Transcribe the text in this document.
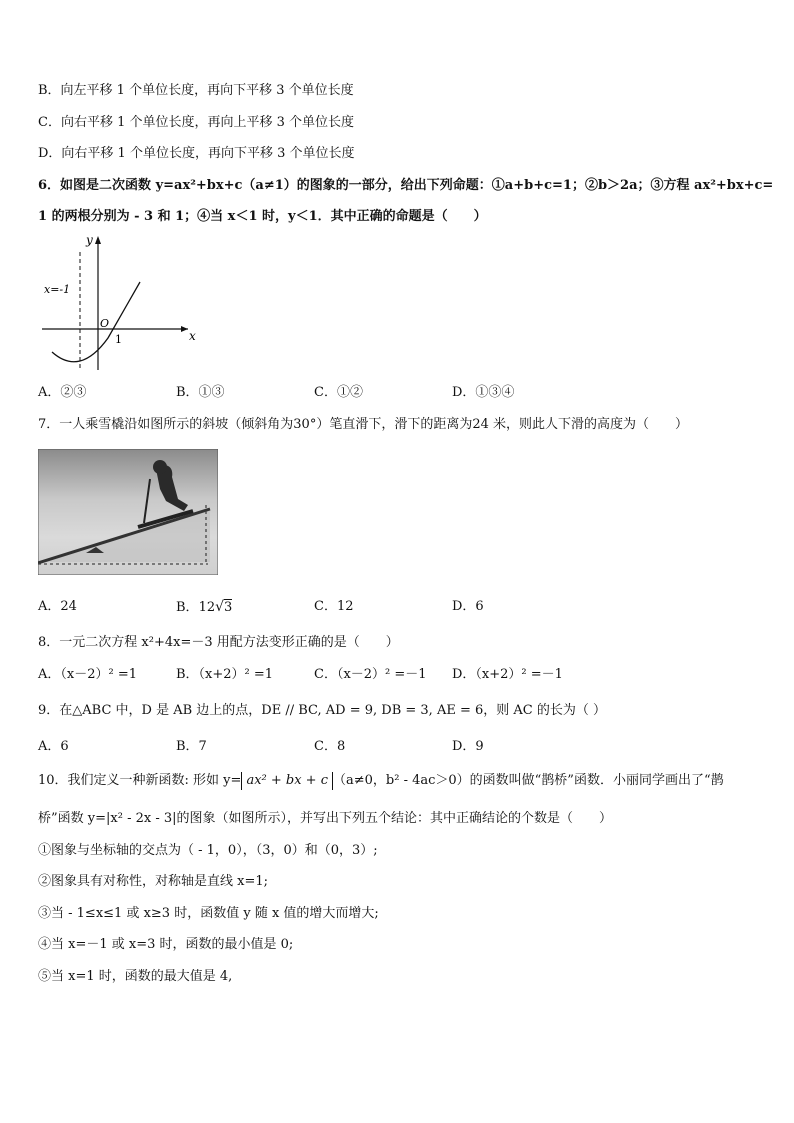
B．向左平移 1 个单位长度，再向下平移 3 个单位长度
C．向右平移 1 个单位长度，再向上平移 3 个单位长度
D．向右平移 1 个单位长度，再向下平移 3 个单位长度
6．如图是二次函数 y=ax²+bx+c（a≠1）的图象的一部分，给出下列命题：①a+b+c=1；②b＞2a；③方程 ax²+bx+c=
1 的两根分别为 - 3 和 1；④当 x＜1 时，y＜1．其中正确的命题是（　　）
y
x
O
1
x=-1
A．②③	B．①③	C．①②	D．①③④
7．一人乘雪橇沿如图所示的斜坡（倾斜角为30°）笔直滑下，滑下的距离为24 米，则此人下滑的高度为（　　）
A．24	B．12√3	C．12	D．6
8．一元二次方程 x²+4x=－3 用配方法变形正确的是（　　）
A．（x－2）² =1	B．（x+2）² =1	C．（x－2）² =－1 D．（x+2）² =－1
9．在△ABC 中，D 是 AB 边上的点，DE // BC, AD = 9, DB = 3, AE = 6，则 AC 的长为（ ）
A．6	B．7	C．8	D．9
10．我们定义一种新函数: 形如 y= ax² + bx + c （a≠0，b² - 4ac＞0）的函数叫做“鹊桥”函数．小丽同学画出了“鹊
桥”函数 y=|x² - 2x - 3|的图象（如图所示），并写出下列五个结论：其中正确结论的个数是（　　）
①图象与坐标轴的交点为（ - 1，0），（3，0）和（0，3）;
②图象具有对称性，对称轴是直线 x=1;
③当 - 1≤x≤1 或 x≥3 时，函数值 y 随 x 值的增大而增大;
④当 x=－1 或 x=3 时，函数的最小值是 0;
⑤当 x=1 时，函数的最大值是 4,
